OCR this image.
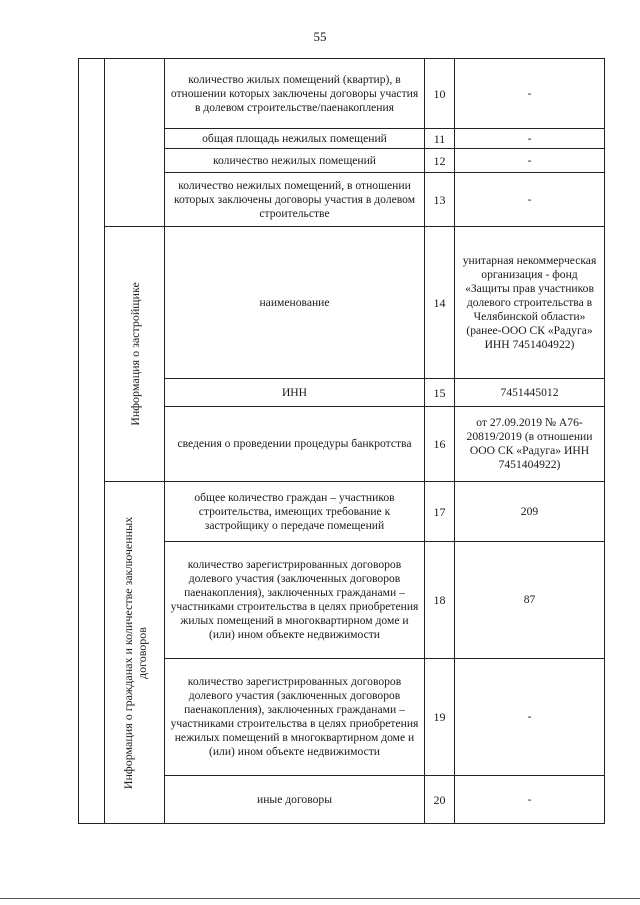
55
		количество жилых помещений (квартир), в отношении которых заключены договоры участия в долевом строительстве/паенакопления	10	-
		общая площадь нежилых помещений	11	-
		количество нежилых помещений	12	-
		количество нежилых помещений, в отношении которых заключены договоры участия в долевом строительстве	13	-

	Информация о застройщике	наименование	14	унитарная некоммерческая организация - фонд «Защиты прав участников долевого строительства в Челябинской области» (ранее-ООО СК «Радуга» ИНН 7451404922)
		ИНН	15	7451445012
		сведения о проведении процедуры банкротства	16	от 27.09.2019 № А76-20819/2019 (в отношении ООО СК «Радуга» ИНН 7451404922)

	Информация о гражданах и количестве заключенных договоров	общее количество граждан – участников строительства, имеющих требование к застройщику о передаче помещений	17	209
		количество зарегистрированных договоров долевого участия (заключенных договоров паенакопления), заключенных гражданами – участниками строительства в целях приобретения жилых помещений в многоквартирном доме и (или) ином объекте недвижимости	18	87
		количество зарегистрированных договоров долевого участия (заключенных договоров паенакопления), заключенных гражданами – участниками строительства в целях приобретения нежилых помещений в многоквартирном доме и (или) ином объекте недвижимости	19	-
		иные договоры	20	-
